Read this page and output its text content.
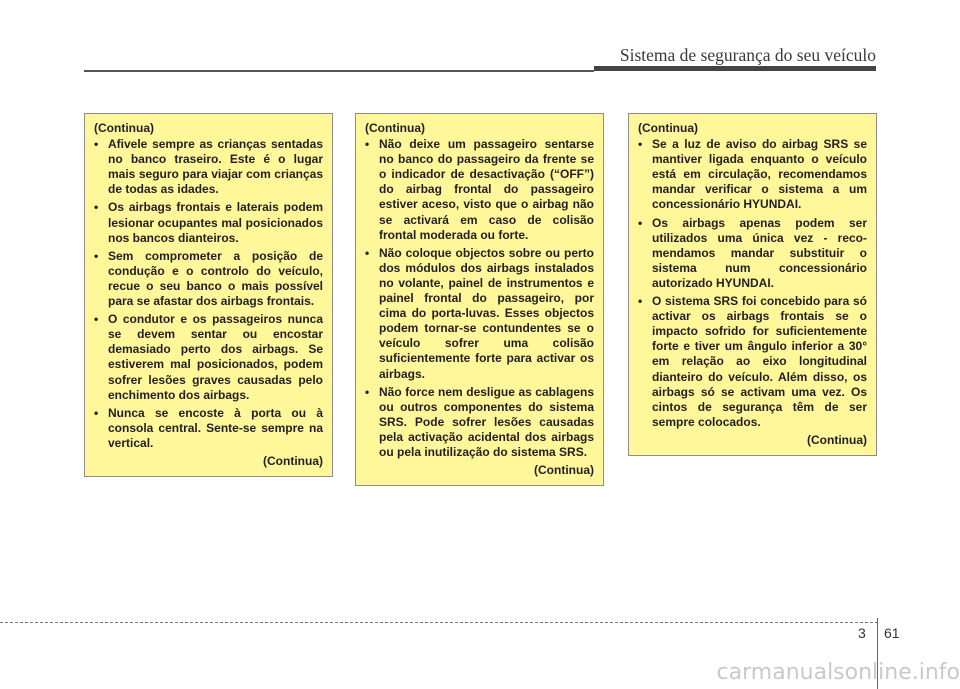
Sistema de segurança do seu veículo
(Continua)
• Afivele sempre as crianças sentadas no banco traseiro. Este é o lugar mais seguro para viajar com crianças de todas as idades.
• Os airbags frontais e laterais podem lesionar ocupantes mal posicionados nos bancos dianteiros.
• Sem comprometer a posição de condução e o controlo do veículo, recue o seu banco o mais possível para se afastar dos airbags frontais.
• O condutor e os passageiros nunca se devem sentar ou encostar demasiado perto dos airbags. Se estiverem mal posicionados, podem sofrer lesões graves causadas pelo enchimento dos airbags.
• Nunca se encoste à porta ou à consola central. Sente-se sempre na vertical.
(Continua)
(Continua)
• Não deixe um passageiro sentarse no banco do passageiro da frente se o indicador de desactivação (“OFF”) do airbag frontal do passageiro estiver aceso, visto que o airbag não se activará em caso de colisão frontal moderada ou forte.
• Não coloque objectos sobre ou perto dos módulos dos airbags instalados no volante, painel de instrumentos e painel frontal do passageiro, por cima do porta-luvas. Esses objectos podem tornar-se contundentes se o veículo sofrer uma colisão suficientemente forte para activar os airbags.
• Não force nem desligue as cablagens ou outros componentes do sistema SRS. Pode sofrer lesões causadas pela activação acidental dos airbags ou pela inutilização do sistema SRS.
(Continua)
(Continua)
• Se a luz de aviso do airbag SRS se mantiver ligada enquanto o veículo está em circulação, recomendamos mandar verificar o sistema a um concessionário HYUNDAI.
• Os airbags apenas podem ser utilizados uma única vez - reco-mendamos mandar substituir o sistema num concessionário autorizado HYUNDAI.
• O sistema SRS foi concebido para só activar os airbags frontais se o impacto sofrido for suficientemente forte e tiver um ângulo inferior a 30° em relação ao eixo longitudinal dianteiro do veículo. Além disso, os airbags só se activam uma vez. Os cintos de segurança têm de ser sempre colocados.
(Continua)
3 61
carmanualsonline.info
